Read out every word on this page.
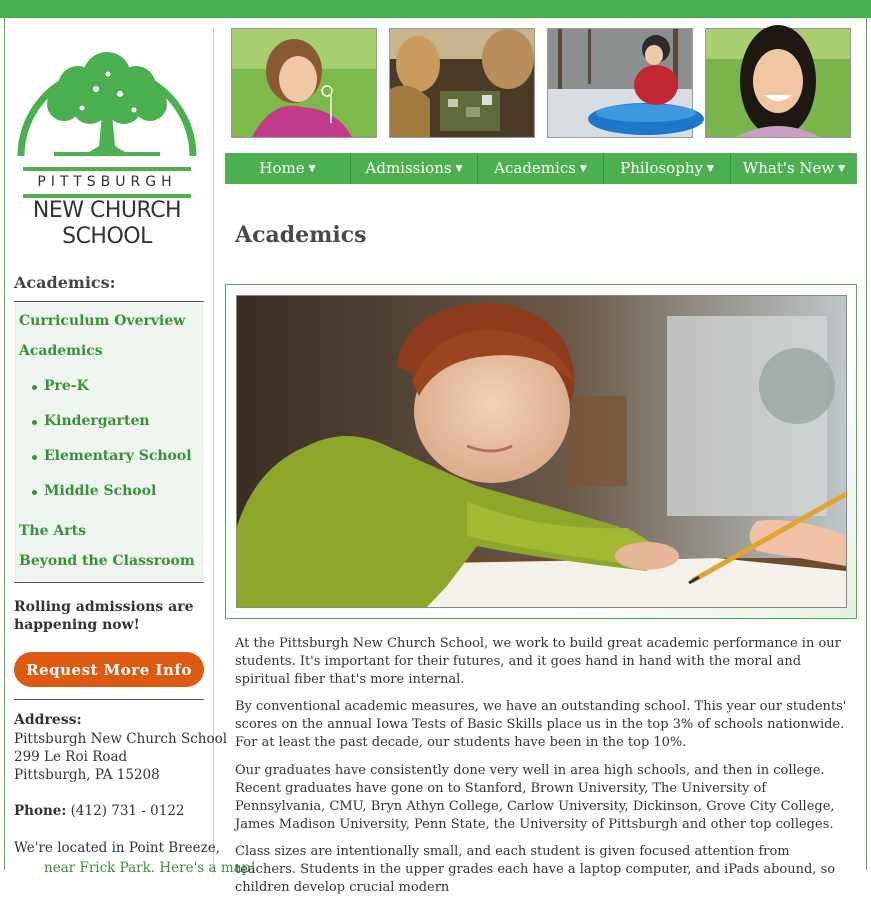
PITTSBURGH
NEW CHURCH
SCHOOL
Home ▼	Admissions ▼	Academics ▼	Philosophy ▼	What's New ▼
Academics:
Curriculum Overview
Academics
Pre-K
Kindergarten
Elementary School
Middle School
The Arts
Beyond the Classroom
Rolling admissions are happening now!
Request More Info
Address:
Pittsburgh New Church School
299 Le Roi Road
Pittsburgh, PA 15208
Phone: (412) 731 - 0122
We're located in Point Breeze,
near Frick Park. Here's a map!
Academics

At the Pittsburgh New Church School, we work to build great academic performance in our students. It's important for their futures, and it goes hand in hand with the moral and spiritual fiber that's more internal.

By conventional academic measures, we have an outstanding school. This year our students' scores on the annual Iowa Tests of Basic Skills place us in the top 3% of schools nationwide. For at least the past decade, our students have been in the top 10%.

Our graduates have consistently done very well in area high schools, and then in college. Recent graduates have gone on to Stanford, Brown University, The University of Pennsylvania, CMU, Bryn Athyn College, Carlow University, Dickinson, Grove City College, James Madison University, Penn State, the University of Pittsburgh and other top colleges.

Class sizes are intentionally small, and each student is given focused attention from teachers. Students in the upper grades each have a laptop computer, and iPads abound, so children develop crucial modern
